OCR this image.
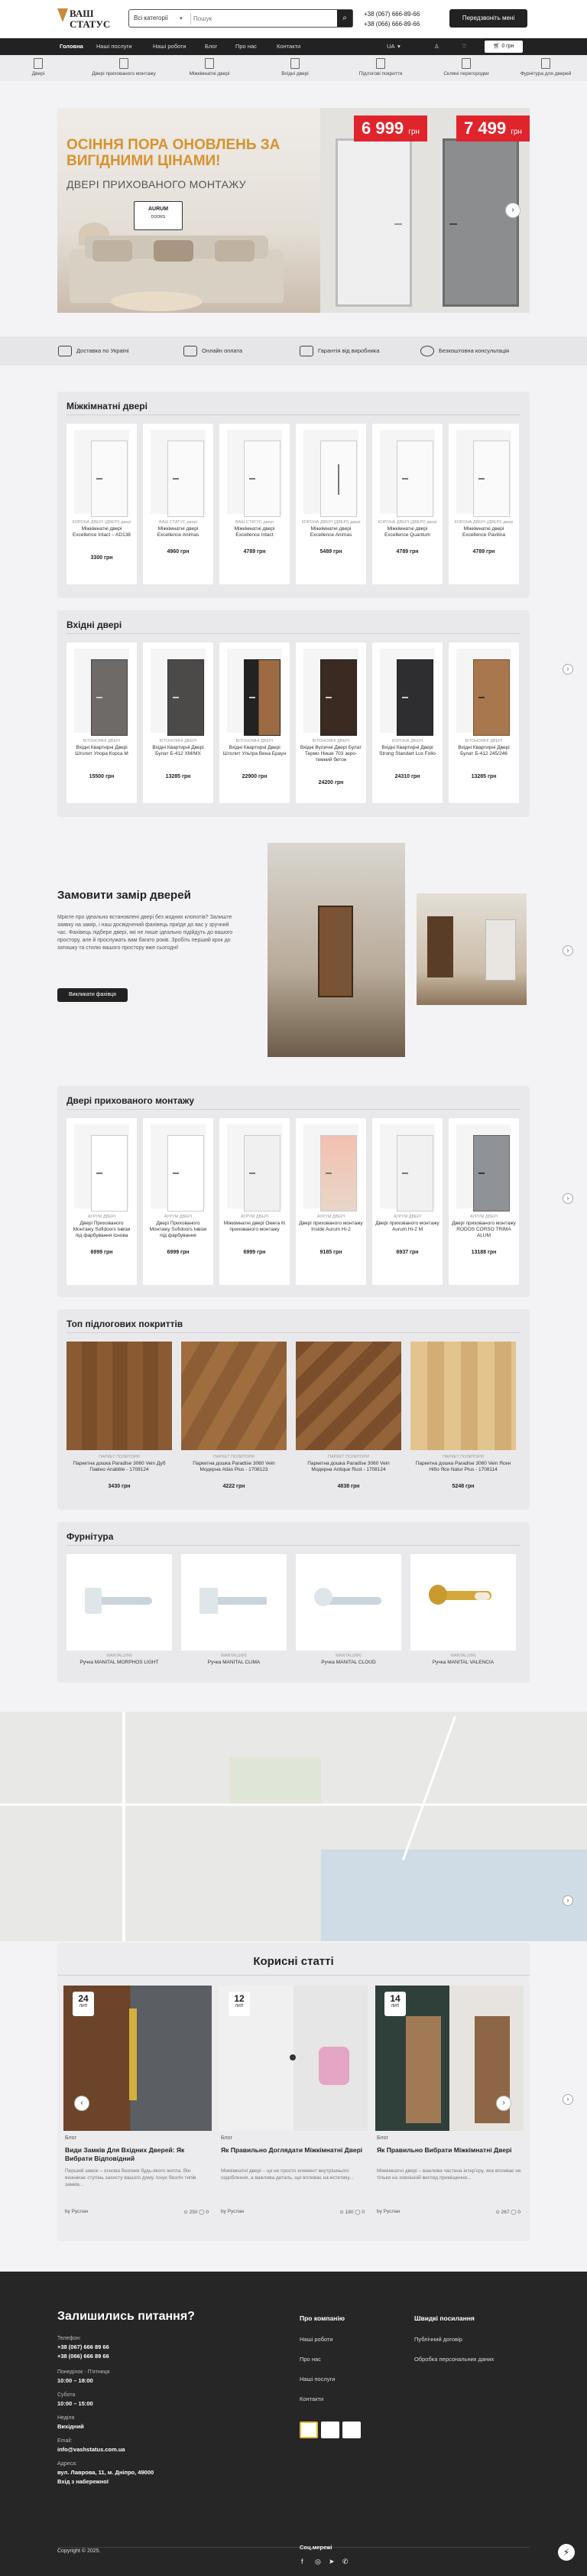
ВАШ
СТАТУС
Всі категорії ▾
Пошук	⌕	+38 (067) 666-89-66
+38 (066) 666-89-66
Передзвоніть мені
Головна Наші послуги	Наші роботи	Блог	Про нас	Контакти	UA ▾	♙	♡	🛒︎ 0 грн
Двері	Двері прихованого монтажу	Міжкімнатні двері	Вхідні двері	Підлогові покриття	Скляні перегородки	Фурнітура для дверей
ОСІННЯ ПОРА ОНОВЛЕНЬ ЗА ВИГІДНИМИ ЦІНАМИ!
ДВЕРІ ПРИХОВАНОГО МОНТАЖУ
AURUM
DOORS
6 999 грн	7 499 грн
›
Доставка по Україні	Онлайн оплата	Гарантія від виробника	Безкоштовна консультація
Міжкімнатні двері
КОРОНА ДВЕРІ (ДВЕРІ) двері
Міжкімнатні двері Excellence Intact – AD138
3300 грн
ВАШ СТАТУС двері
Міжкімнатні двері Excellence Animas
4960 грн
ВАШ СТАТУС двері
Міжкімнатні двері Excellence Intact
4789 грн
КОРОНА ДВЕРІ (ДВЕРІ) двері
Міжкімнатні двері Excellence Animas
5489 грн
КОРОНА ДВЕРІ (ДВЕРІ) двері
Міжкімнатні двері Excellence Quantum
4789 грн
КОРОНА ДВЕРІ (ДВЕРІ) двері
Міжкімнатні двері Excellence Pavilina
4789 грн
Вхідні двері
ВІТОНОМНІ ДВЕРІ
Вхідні Квартирні Двері Штолит Упора Корса M
15500 грн
ВІТОНОМНІ ДВЕРІ
Вхідні Квартирні Двері Булат Б-412 ХМ/МХ
13285 грн
ВІТОНОМНІ ДВЕРІ
Вхідні Квартирні Двері Штолит Ультра Вена Браун
22900 грн
ВІТОНОМНІ ДВЕРІ
Вхідні Вуличні Двері Булат Термо Нише 703 зеро-темний бетон
24200 грн
КОРОНА ДВЕРІ
Вхідні Квартирні Двері Strong Standart Lux Folio
24310 грн
ВІТОНОМНІ ДВЕРІ
Вхідні Квартирні Двері Булат Б-412 245/246
13285 грн
›
Замовити замір дверей
Мрієте про ідеально встановлені двері без жодних клопотів? Залиште заявку на замір, і наш досвідчений фахівець приїде до вас у зручний час. Фахівець підбере двері, які не лише ідеально підійдуть до вашого простору, але й прослужать вам багато років. Зробіть перший крок до затишку та стилю вашого простору вже сьогодні!
Викликати фахівця
›
Двері прихованого монтажу
АУРУМ ДВЕРІ
Двері Прихованого Монтажу Sofidoors Інвізи під фарбування Існова
6999 грн
АУРУМ ДВЕРІ
Двері Прихованого Монтажу Sofidoors Інвізи під фарбування
6999 грн
АУРУМ ДВЕРІ
Міжкімнатні двері Омега Кі прихованого монтажу
6999 грн
АУРУМ ДВЕРІ
Двері прихованого монтажу Inside Aurum Hi-2
9185 грн
АУРУМ ДВЕРІ
Двері прихованого монтажу Aurum Hi-2 М
6937 грн
АУРУМ ДВЕРІ
Двері прихованого монтажу RODOS CORSO TRIMA ALUM
13188 грн
›
Топ підлогових покриттів
ПАРКЕТ ПОЛИТОРИ
Паркетна дошка Paradise 3060 Vein Дуб Павіно Anabble - 1708124
3430 грн
ПАРКЕТ ПОЛИТОРИ
Паркетна дошка Paradise 3060 Vein Модерна Atlas Plus - 1708123
4222 грн
ПАРКЕТ ПОЛИТОРИ
Паркетна дошка Paradise 3060 Vein Модерна Antique Rust - 1708124
4838 грн
ПАРКЕТ ПОЛИТОРИ
Паркетна дошка Paradise 3060 Vein Ясен Нібо Ясе Natur Plus - 1708114
5248 грн
Фурнітура
MANTAL(ИЯ)
Ручка MANITAL MORPHOS LIGHT
MANTAL(ИЯ)
Ручка MANITAL CLIMA
MANTAL(ИЯ)
Ручка MANITAL CLOUD
MANTAL(ИЯ)
Ручка MANITAL VALENCIA
›
Корисні статті
24
ЛИП
Блог
Види Замків Для Вхідних Дверей: Як Вибрати Відповідний
Перший замок – основа безпеки будь-якого житла. Він визначає ступінь захисту вашого дому. Існує безліч типів замків...
by Руслан	⊙ 250 ◯ 0
12
ЛИП
Блог
Як Правильно Доглядати Міжкімнатні Двері
Міжкімнатні двері – це не просто елемент внутрішнього оздоблення, а важлива деталь, що впливає на естетику...
by Руслан	⊙ 180 ◯ 0
14
ЛИП
Блог
Як Правильно Вибрати Міжкімнатні Двері
Міжкімнатні двері – важлива частина інтер'єру, яка впливає не тільки на зовнішній вигляд приміщення...
by Руслан	⊙ 267 ◯ 0
‹	›	›
Залишились питання?
Телефон:
+38 (067) 666 89 66
+38 (066) 666 89 66
Понеділок - П'ятниця
10:00 – 18:00
Субота
10:00 – 15:00
Неділя
Вихідний
Email:
info@vashstatus.com.ua
Адреса:
вул. Лаврова, 11, м. Дніпро, 49000
Вхід з набережної
Про компанію
Наші роботи
Про нас
Наші послуги
Контакти
Швидкі посилання
Публічний договір
Обробка персональних даних
Copyright © 2025.
Соц.мережі
f ◎ ➤ ✆
⚡︎
